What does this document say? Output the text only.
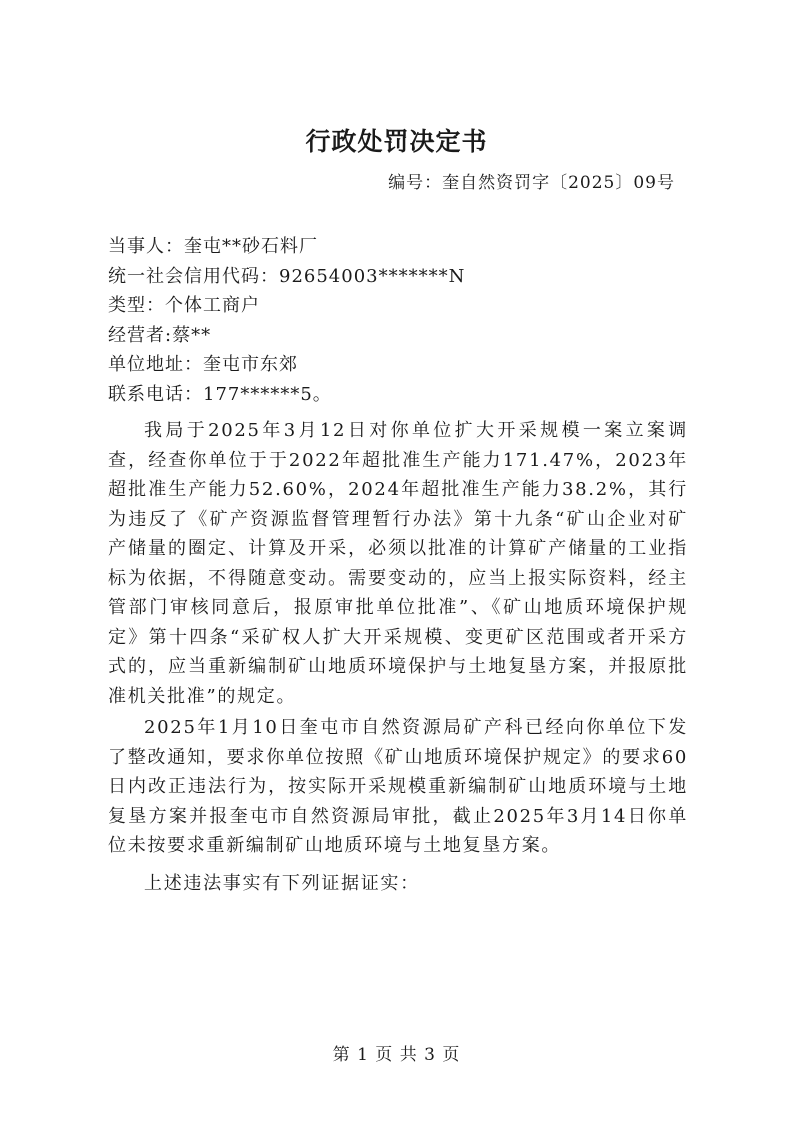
行政处罚决定书
编号：奎自然资罚字〔2025〕09号
当事人：奎屯**砂石料厂
统一社会信用代码：92654003*******N
类型：个体工商户
经营者:蔡**
单位地址：奎屯市东郊
联系电话：177******5。

我局于2025年3月12日对你单位扩大开采规模一案立案调查，经查你单位于于2022年超批准生产能力171.47%，2023年超批准生产能力52.60%，2024年超批准生产能力38.2%，其行为违反了《矿产资源监督管理暂行办法》第十九条“矿山企业对矿产储量的圈定、计算及开采，必须以批准的计算矿产储量的工业指标为依据，不得随意变动。需要变动的，应当上报实际资料，经主管部门审核同意后，报原审批单位批准”、《矿山地质环境保护规定》第十四条“采矿权人扩大开采规模、变更矿区范围或者开采方式的，应当重新编制矿山地质环境保护与土地复垦方案，并报原批准机关批准”的规定。

2025年1月10日奎屯市自然资源局矿产科已经向你单位下发了整改通知，要求你单位按照《矿山地质环境保护规定》的要求60日内改正违法行为，按实际开采规模重新编制矿山地质环境与土地复垦方案并报奎屯市自然资源局审批，截止2025年3月14日你单位未按要求重新编制矿山地质环境与土地复垦方案。

上述违法事实有下列证据证实：

第 1 页 共 3 页
